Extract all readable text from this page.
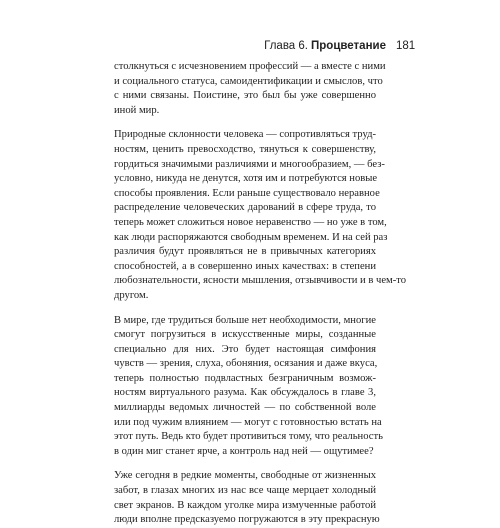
Глава 6. Процветание 181

столкнуться с исчезновением профессий — а вместе с ними
и социального статуса, самоидентификации и смыслов, что
с ними связаны. Поистине, это был бы уже совершенно
иной мир.

Природные склонности человека — сопротивляться труд-
ностям, ценить превосходство, тянуться к совершенству,
гордиться значимыми различиями и многообразием, — без-
условно, никуда не денутся, хотя им и потребуются новые
способы проявления. Если раньше существовало неравное
распределение человеческих дарований в сфере труда, то
теперь может сложиться новое неравенство — но уже в том,
как люди распоряжаются свободным временем. И на сей раз
различия будут проявляться не в привычных категориях
способностей, а в совершенно иных качествах: в степени
любознательности, ясности мышления, отзывчивости и в чем-то
другом.

В мире, где трудиться больше нет необходимости, многие
смогут погрузиться в искусственные миры, созданные
специально для них. Это будет настоящая симфония
чувств — зрения, слуха, обоняния, осязания и даже вкуса,
теперь полностью подвластных безграничным возмож-
ностям виртуального разума. Как обсуждалось в главе 3,
миллиарды ведомых личностей — по собственной воле
или под чужим влиянием — могут с готовностью встать на
этот путь. Ведь кто будет противиться тому, что реальность
в один миг станет ярче, а контроль над ней — ощутимее?

Уже сегодня в редкие моменты, свободные от жизненных
забот, в глазах многих из нас все чаще мерцает холодный
свет экранов. В каждом уголке мира измученные работой
люди вполне предсказуемо погружаются в эту прекрасную
